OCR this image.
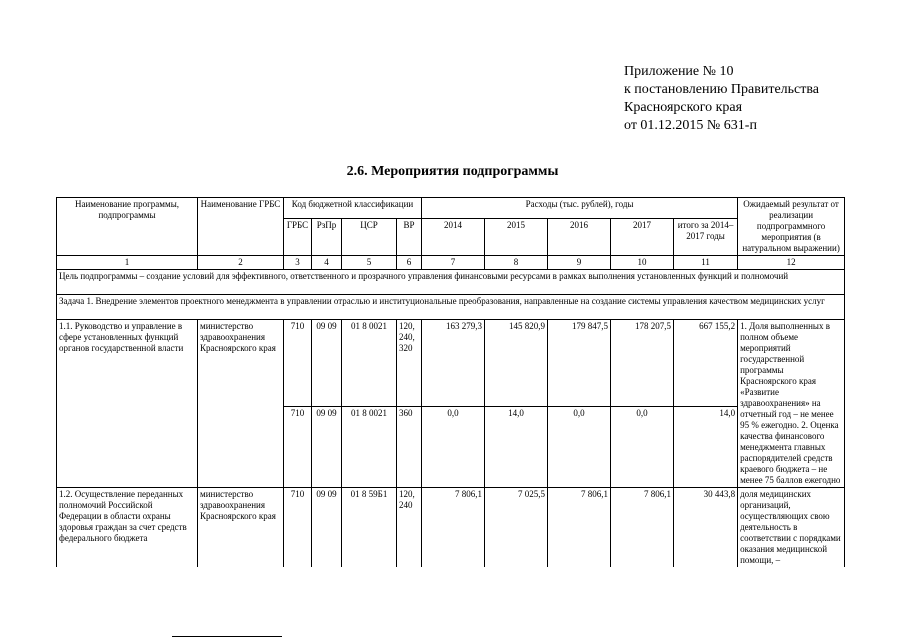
Приложение № 10
к постановлению Правительства
Красноярского края
от 01.12.2015 № 631-п
2.6. Мероприятия подпрограммы
Наименование программы, подпрограммы	Наименование ГРБС	Код бюджетной классификации				Расходы (тыс. рублей), годы					Ожидаемый результат от реализации подпрограммного мероприятия (в натуральном выражении)
		ГРБС	РзПр	ЦСР	ВР	2014	2015	2016	2017	итого за 2014–2017 годы	
1	2	3	4	5	6	7	8	9	10	11	12
Цель подпрограммы – создание условий для эффективного, ответственного и прозрачного управления финансовыми ресурсами в рамках выполнения установленных функций и полномочий											
Задача 1. Внедрение элементов проектного менеджмента в управлении отраслью и институциональные преобразования, направленные на создание системы управления качеством медицинских услуг											
1.1. Руководство и управление в сфере установленных функций органов государственной власти	министерство здравоохранения Красноярского края	710	09 09	01 8 0021	120, 240, 320	163 279,3	145 820,9	179 847,5	178 207,5	667 155,2	1. Доля выполненных в полном объеме мероприятий государственной программы Красноярского края «Развитие здравоохранения» на отчетный год – не менее 95 % ежегодно. 2. Оценка качества финансового менеджмента главных распорядителей средств краевого бюджета – не менее 75 баллов ежегодно
		710	09 09	01 8 0021	360	0,0	14,0	0,0	0,0	14,0	
1.2. Осуществление переданных полномочий Российской Федерации в области охраны здоровья граждан за счет средств федерального бюджета	министерство здравоохранения Красноярского края	710	09 09	01 8 59Б1	120, 240	7 806,1	7 025,5	7 806,1	7 806,1	30 443,8	доля медицинских организаций, осуществляющих свою деятельность в соответствии с порядками оказания медицинской помощи, –
